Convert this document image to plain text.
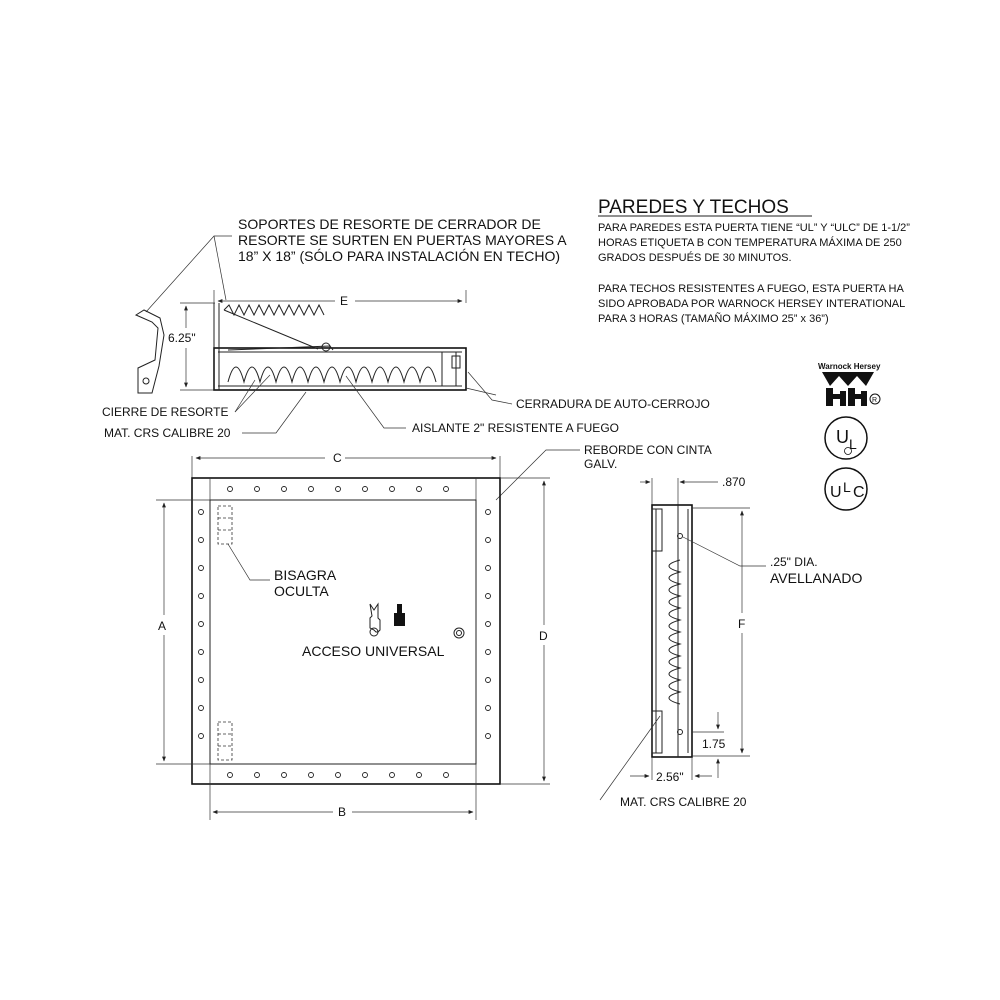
PAREDES Y TECHOS
PARA PAREDES ESTA PUERTA TIENE “UL” Y “ULC” DE 1-1/2”
HORAS ETIQUETA B CON TEMPERATURA MÁXIMA DE 250
GRADOS DESPUÉS DE 30 MINUTOS.
PARA TECHOS RESISTENTES A FUEGO, ESTA PUERTA HA
SIDO APROBADA POR WARNOCK HERSEY INTERATIONAL
PARA 3 HORAS (TAMAÑO MÁXIMO 25” x 36”)
Warnock Hersey
R
U L
U L C
SOPORTES DE RESORTE DE CERRADOR DE
RESORTE SE SURTEN EN PUERTAS MAYORES A
18” X 18” (SÓLO PARA INSTALACIÓN EN TECHO)
E
6.25"
CIERRE DE RESORTE
MAT. CRS CALIBRE 20
CERRADURA DE AUTO-CERROJO
AISLANTE 2" RESISTENTE A FUEGO
C
REBORDE CON CINTA
GALV.
BISAGRA
OCULTA
ACCESO UNIVERSAL
A
D
B
.870
.25" DIA.
AVELLANADO
F
1.75
2.56"
MAT. CRS CALIBRE 20
